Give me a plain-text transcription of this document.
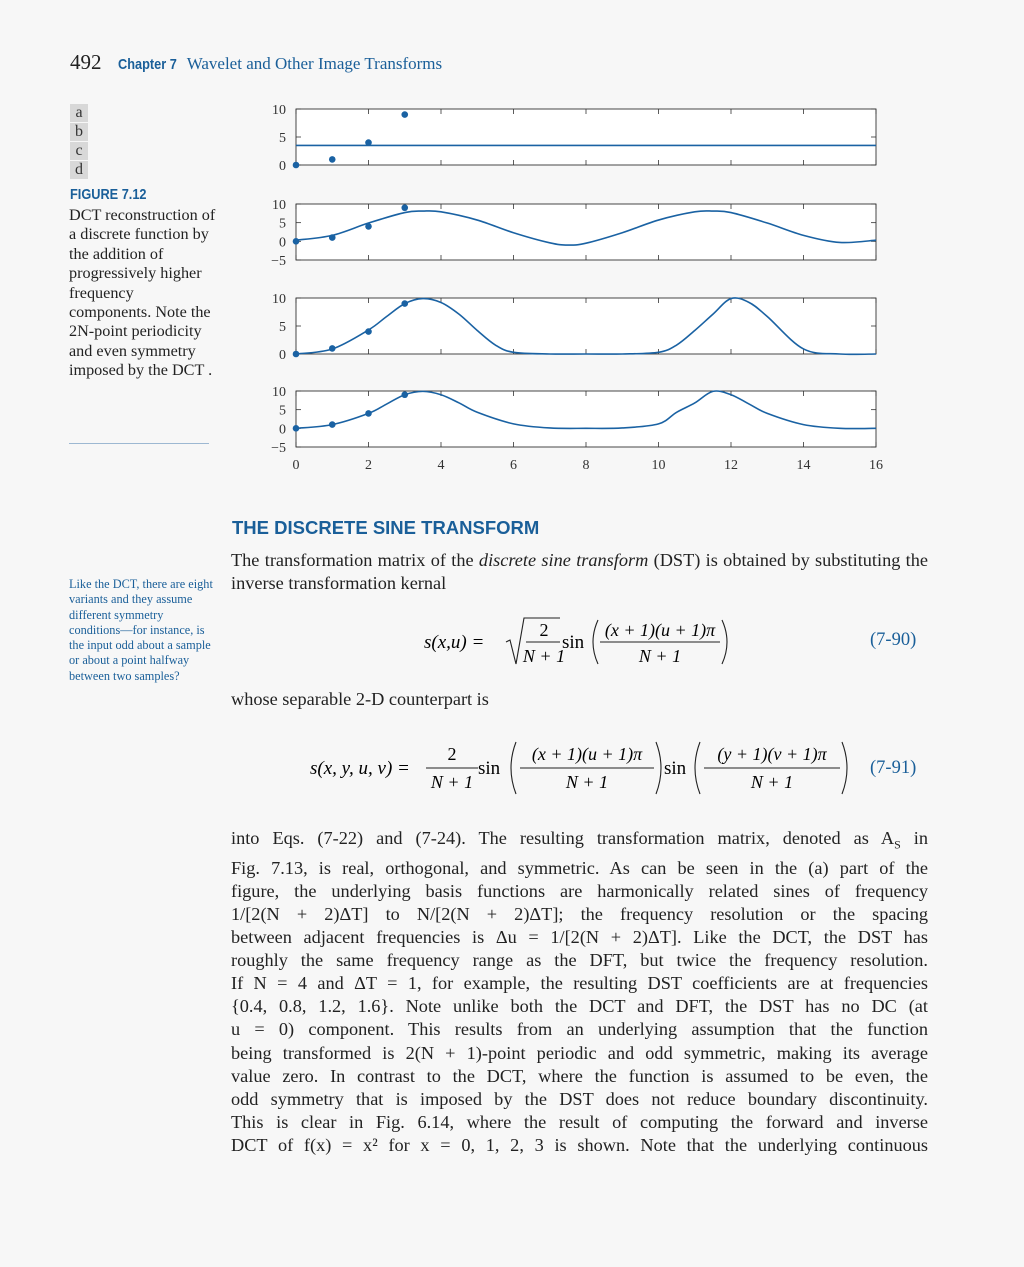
492 Chapter 7 Wavelet and Other Image Transforms
a
b
c
d
FIGURE 7.12
DCT reconstruction of a discrete function by the addition of progressively higher frequency components. Note the 2N-point periodicity and even symmetry imposed by the DCT .
10
5
0
10
5
0
−5
10
5
0
10
5
0
−5
0	2	4	6	8	10	12	14	16
THE DISCRETE SINE TRANSFORM
The transformation matrix of the discrete sine transform (DST) is obtained by substituting the inverse transformation kernal
Like the DCT, there are eight variants and they assume different symmetry conditions—for instance, is the input odd about a sample or about a point halfway between two samples?
s(x,u) =
2
N + 1
sin
(x + 1)(u + 1)π
N + 1
(7-90)
whose separable 2-D counterpart is
s(x, y, u, v) =
2
N + 1
sin
(x + 1)(u + 1)π
N + 1
sin
(y + 1)(v + 1)π
N + 1
(7-91)
into Eqs. (7-22) and (7-24). The resulting transformation matrix, denoted as $A_S$ in
Fig. 7.13, is real, orthogonal, and symmetric. As can be seen in the (a) part of the
figure, the underlying basis functions are harmonically related sines of frequency
1/[2(N + 2)ΔT] to N/[2(N + 2)ΔT]; the frequency resolution or the spacing
between adjacent frequencies is Δu = 1/[2(N + 2)ΔT]. Like the DCT, the DST has
roughly the same frequency range as the DFT, but twice the frequency resolution.
If N = 4 and ΔT = 1, for example, the resulting DST coefficients are at frequencies
{0.4, 0.8, 1.2, 1.6}. Note unlike both the DCT and DFT, the DST has no DC (at
u = 0) component. This results from an underlying assumption that the function
being transformed is 2(N + 1)-point periodic and odd symmetric, making its average
value zero. In contrast to the DCT, where the function is assumed to be even, the
odd symmetry that is imposed by the DST does not reduce boundary discontinuity.
This is clear in Fig. 6.14, where the result of computing the forward and inverse
DCT of f(x) = x² for x = 0, 1, 2, 3 is shown. Note that the underlying continuous
